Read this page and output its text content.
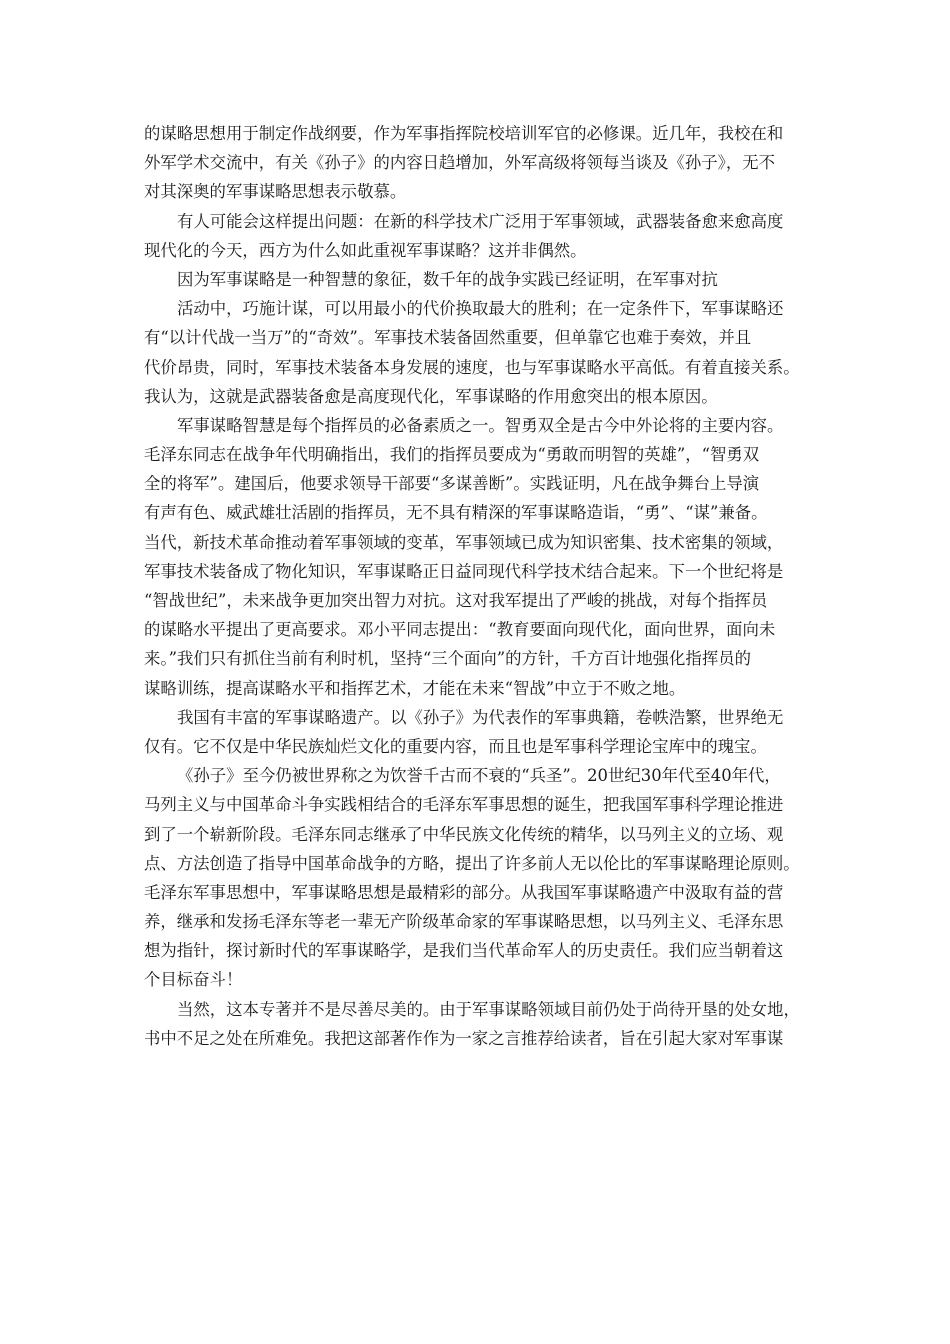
的谋略思想用于制定作战纲要，作为军事指挥院校培训军官的必修课。近几年，我校在和
外军学术交流中，有关《孙子》的内容日趋增加，外军高级将领每当谈及《孙子》，无不
对其深奥的军事谋略思想表示敬慕。
有人可能会这样提出问题：在新的科学技术广泛用于军事领域，武器装备愈来愈高度
现代化的今天，西方为什么如此重视军事谋略？这并非偶然。
因为军事谋略是一种智慧的象征，数千年的战争实践已经证明，在军事对抗
活动中，巧施计谋，可以用最小的代价换取最大的胜利；在一定条件下，军事谋略还
有“以计代战一当万”的“奇效”。军事技术装备固然重要，但单靠它也难于奏效，并且
代价昂贵，同时，军事技术装备本身发展的速度，也与军事谋略水平高低。有着直接关系。
我认为，这就是武器装备愈是高度现代化，军事谋略的作用愈突出的根本原因。
军事谋略智慧是每个指挥员的必备素质之一。智勇双全是古今中外论将的主要内容。
毛泽东同志在战争年代明确指出，我们的指挥员要成为“勇敢而明智的英雄”，“智勇双
全的将军”。建国后，他要求领导干部要“多谋善断”。实践证明，凡在战争舞台上导演
有声有色、威武雄壮活剧的指挥员，无不具有精深的军事谋略造诣，“勇”、“谋”兼备。
当代，新技术革命推动着军事领域的变革，军事领域已成为知识密集、技术密集的领域，
军事技术装备成了物化知识，军事谋略正日益同现代科学技术结合起来。下一个世纪将是
“智战世纪”，未来战争更加突出智力对抗。这对我军提出了严峻的挑战，对每个指挥员
的谋略水平提出了更高要求。邓小平同志提出：“教育要面向现代化，面向世界，面向未
来。”我们只有抓住当前有利时机，坚持“三个面向”的方针，千方百计地强化指挥员的
谋略训练，提高谋略水平和指挥艺术，才能在未来“智战”中立于不败之地。
我国有丰富的军事谋略遗产。以《孙子》为代表作的军事典籍，卷帙浩繁，世界绝无
仅有。它不仅是中华民族灿烂文化的重要内容，而且也是军事科学理论宝库中的瑰宝。
《孙子》至今仍被世界称之为饮誉千古而不衰的“兵圣”。20世纪30年代至40年代，
马列主义与中国革命斗争实践相结合的毛泽东军事思想的诞生，把我国军事科学理论推进
到了一个崭新阶段。毛泽东同志继承了中华民族文化传统的精华，以马列主义的立场、观
点、方法创造了指导中国革命战争的方略，提出了许多前人无以伦比的军事谋略理论原则。
毛泽东军事思想中，军事谋略思想是最精彩的部分。从我国军事谋略遗产中汲取有益的营
养，继承和发扬毛泽东等老一辈无产阶级革命家的军事谋略思想，以马列主义、毛泽东思
想为指针，探讨新时代的军事谋略学，是我们当代革命军人的历史责任。我们应当朝着这
个目标奋斗！
当然，这本专著并不是尽善尽美的。由于军事谋略领域目前仍处于尚待开垦的处女地，
书中不足之处在所难免。我把这部著作作为一家之言推荐给读者，旨在引起大家对军事谋
